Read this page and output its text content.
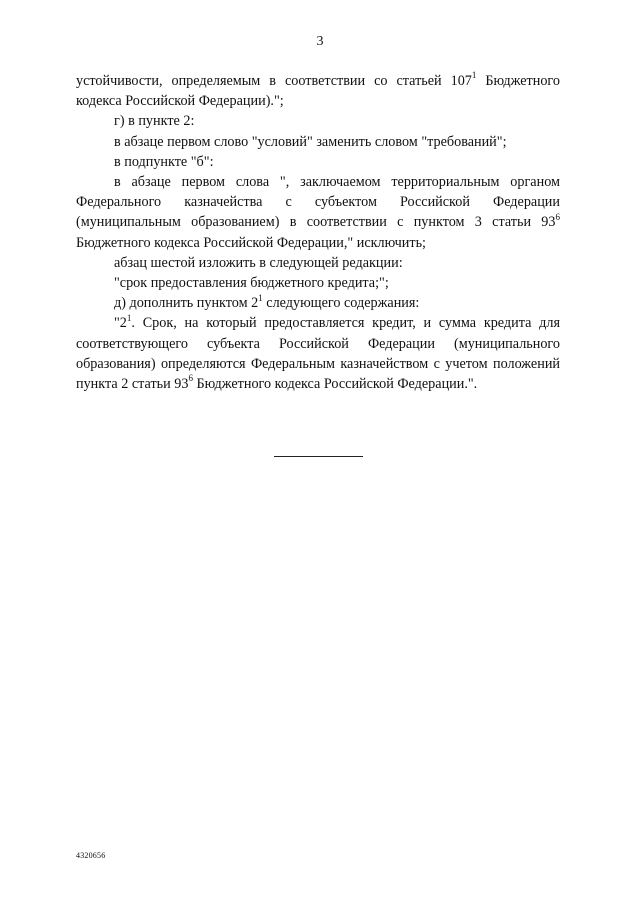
3

устойчивости, определяемым в соответствии со статьей $107^1$ Бюджетного кодекса Российской Федерации).";

г) в пункте 2:

в абзаце первом слово "условий" заменить словом "требований";

в подпункте "б":

в абзаце первом слова ", заключаемом территориальным органом Федерального казначейства с субъектом Российской Федерации (муниципальным образованием) в соответствии с пунктом 3 статьи $93^6$ Бюджетного кодекса Российской Федерации," исключить;

абзац шестой изложить в следующей редакции:

"срок предоставления бюджетного кредита;";

д) дополнить пунктом $2^1$ следующего содержания:

"$2^1$. Срок, на который предоставляется кредит, и сумма кредита для соответствующего субъекта Российской Федерации (муниципального образования) определяются Федеральным казначейством с учетом положений пункта 2 статьи $93^6$ Бюджетного кодекса Российской Федерации.".

4320656
